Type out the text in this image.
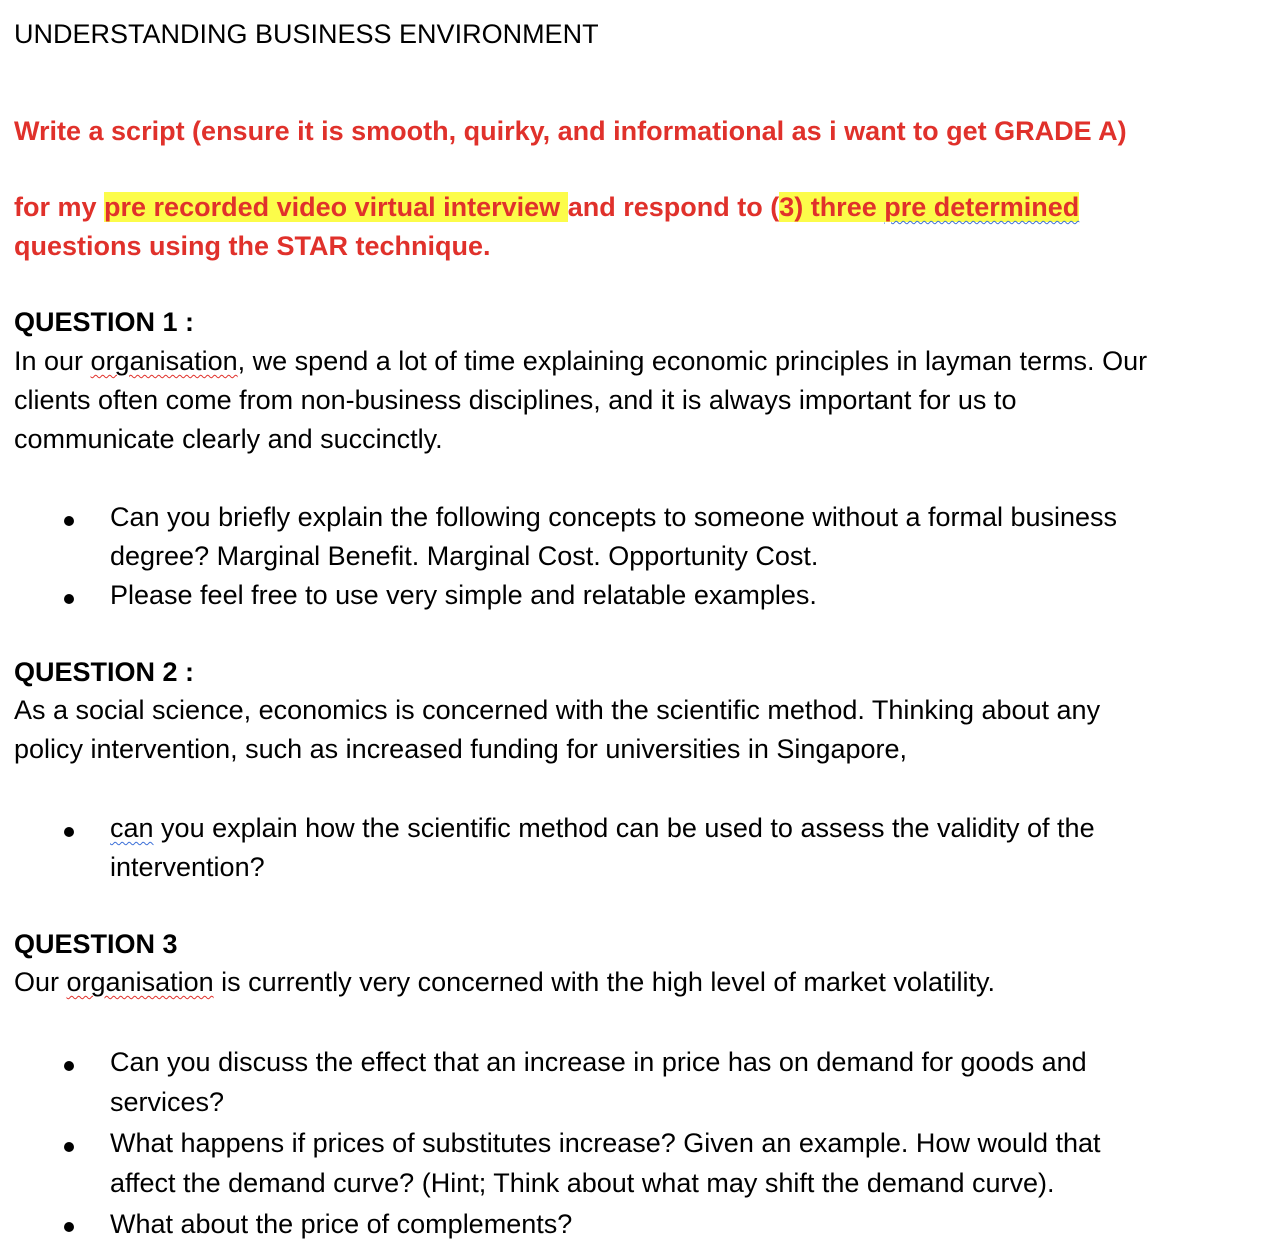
UNDERSTANDING BUSINESS ENVIRONMENT
Write a script (ensure it is smooth, quirky, and informational as i want to get GRADE A)
for my pre recorded video virtual interview and respond to (3) three pre determined
questions using the STAR technique.
QUESTION 1 :
In our organisation, we spend a lot of time explaining economic principles in layman terms. Our
clients often come from non-business disciplines, and it is always important for us to
communicate clearly and succinctly.
Can you briefly explain the following concepts to someone without a formal business
degree? Marginal Benefit. Marginal Cost. Opportunity Cost.
Please feel free to use very simple and relatable examples.
QUESTION 2 :
As a social science, economics is concerned with the scientific method. Thinking about any
policy intervention, such as increased funding for universities in Singapore,
can you explain how the scientific method can be used to assess the validity of the
intervention?
QUESTION 3
Our organisation is currently very concerned with the high level of market volatility.
Can you discuss the effect that an increase in price has on demand for goods and
services?
What happens if prices of substitutes increase? Given an example. How would that
affect the demand curve? (Hint; Think about what may shift the demand curve).
What about the price of complements?
